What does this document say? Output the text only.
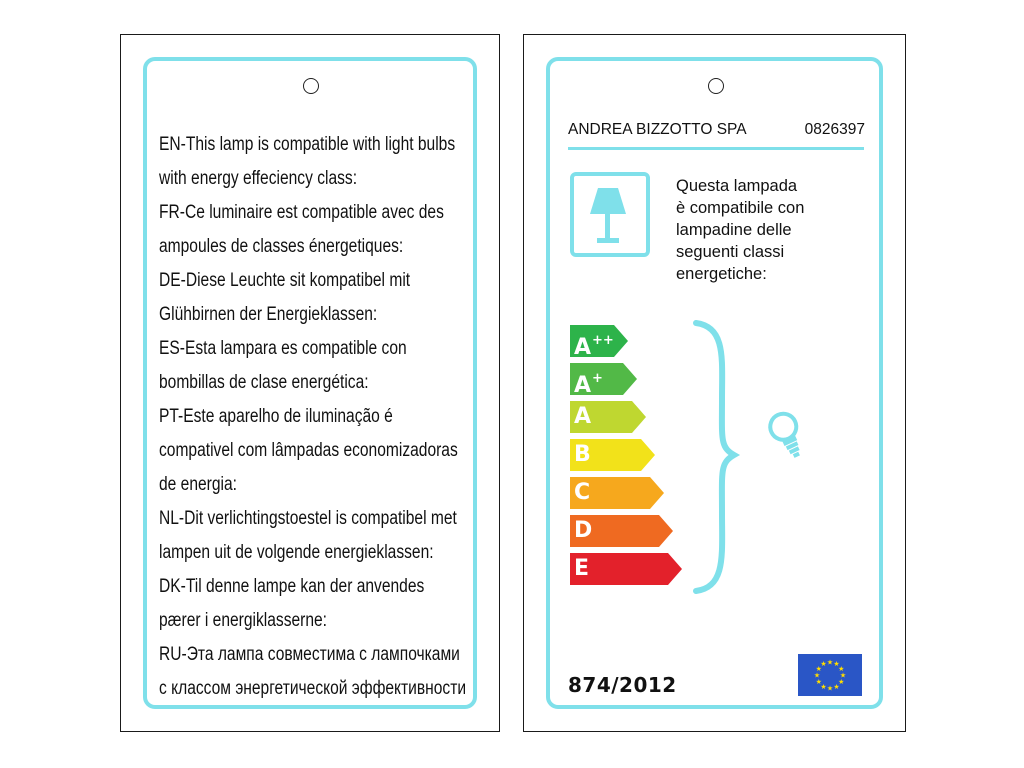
EN-This lamp is compatible with light bulbs
with energy effeciency class:
FR-Ce luminaire est compatible avec des
ampoules de classes énergetiques:
DE-Diese Leuchte sit kompatibel mit
Glühbirnen der Energieklassen:
ES-Esta lampara es compatible con
bombillas de clase energética:
PT-Este aparelho de iluminação é
compativel com lâmpadas economizadoras
de energia:
NL-Dit verlichtingstoestel is compatibel met
lampen uit de volgende energieklassen:
DK-Til denne lampe kan der anvendes
pærer i energiklasserne:
RU-Эта лампа совместима с лампочками
с классом энергетической эффективности
ANDREA BIZZOTTO SPA	0826397
Questa lampada
è compatibile con
lampadine delle
seguenti classi
energetiche:
A++
A+
A
B
C
D
E
874/2012	★
★
★
★
★
★
★
★
★ ★ ★
★
